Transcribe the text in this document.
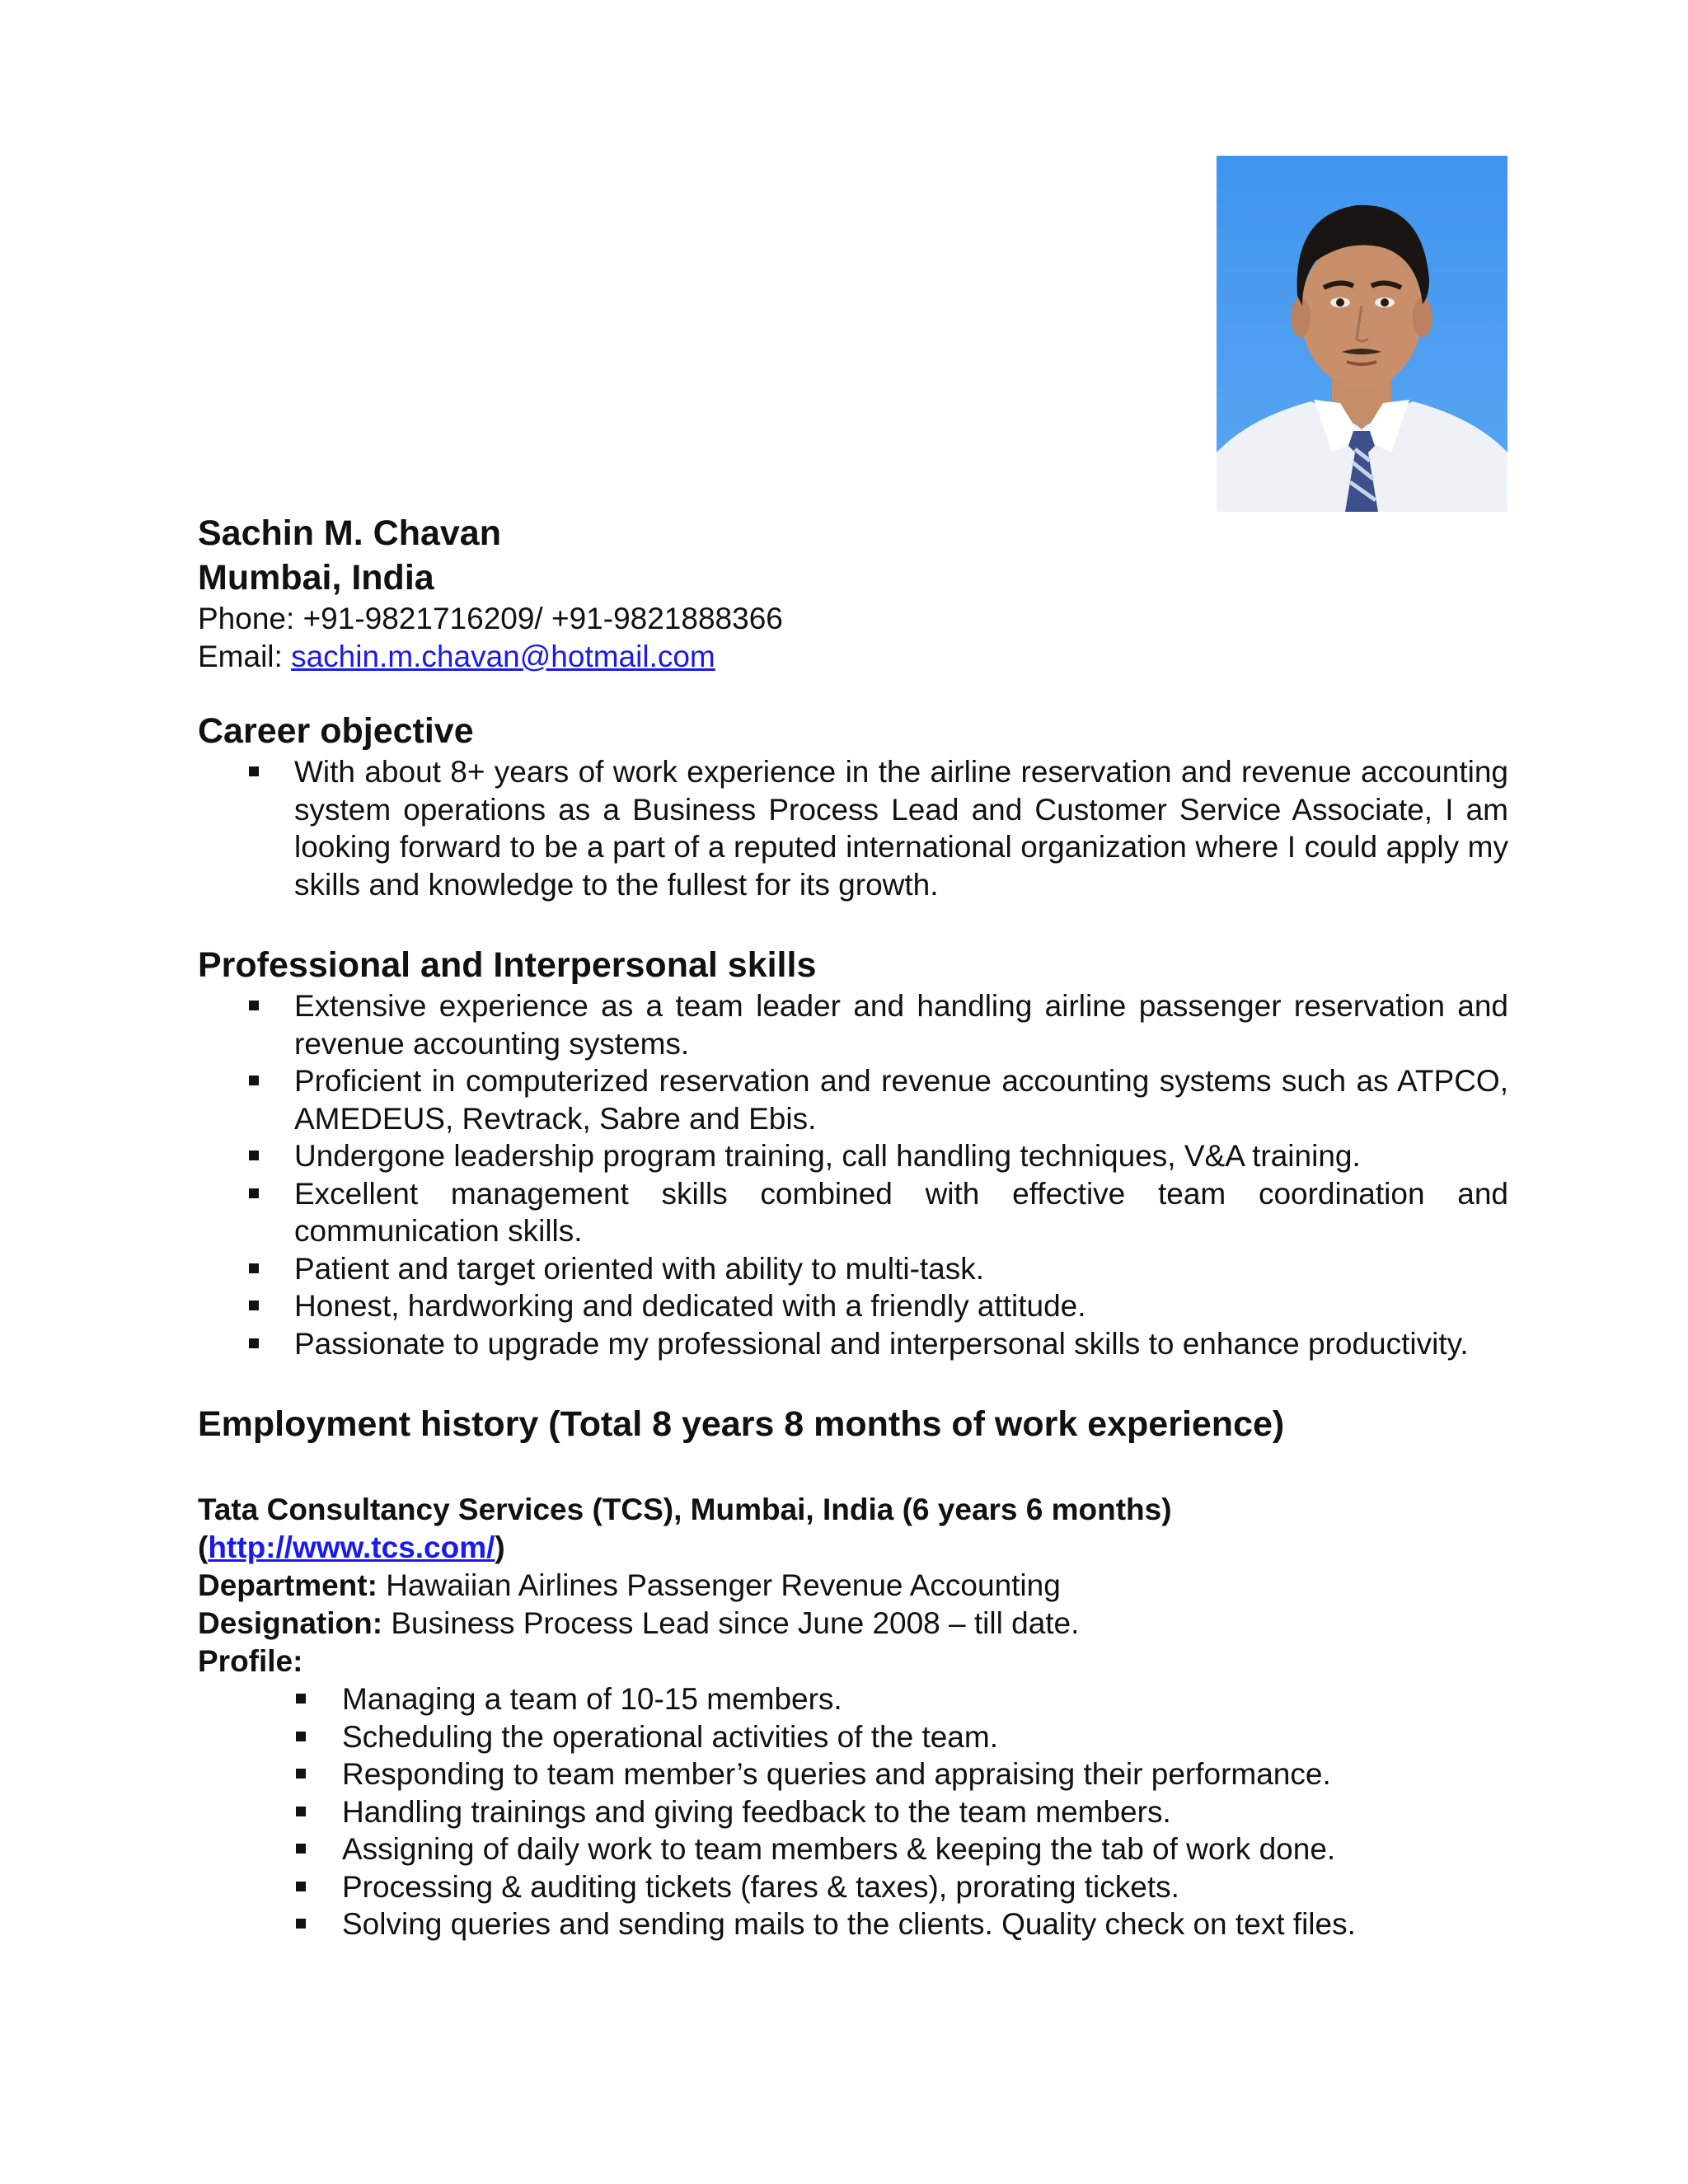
Sachin M. Chavan

Mumbai, India

Phone: +91-9821716209/ +91-9821888366

Email: sachin.m.chavan@hotmail.com

Career objective
With about 8+ years of work experience in the airline reservation and revenue accounting system operations as a Business Process Lead and Customer Service Associate, I am looking forward to be a part of a reputed international organization where I could apply my skills and knowledge to the fullest for its growth.
Professional and Interpersonal skills
Extensive experience as a team leader and handling airline passenger reservation and revenue accounting systems.
Proficient in computerized reservation and revenue accounting systems such as ATPCO, AMEDEUS, Revtrack, Sabre and Ebis.
Undergone leadership program training, call handling techniques, V&A training.
Excellent management skills combined with effective team coordination and communication skills.
Patient and target oriented with ability to multi-task.
Honest, hardworking and dedicated with a friendly attitude.
Passionate to upgrade my professional and interpersonal skills to enhance productivity.
Employment history (Total 8 years 8 months of work experience)

Tata Consultancy Services (TCS), Mumbai, India (6 years 6 months)

(http://www.tcs.com/)

Department: Hawaiian Airlines Passenger Revenue Accounting

Designation: Business Process Lead since June 2008 – till date.

Profile:

Managing a team of 10-15 members.
Scheduling the operational activities of the team.
Responding to team member’s queries and appraising their performance.
Handling trainings and giving feedback to the team members.
Assigning of daily work to team members & keeping the tab of work done.
Processing & auditing tickets (fares & taxes), prorating tickets.
Solving queries and sending mails to the clients. Quality check on text files.
